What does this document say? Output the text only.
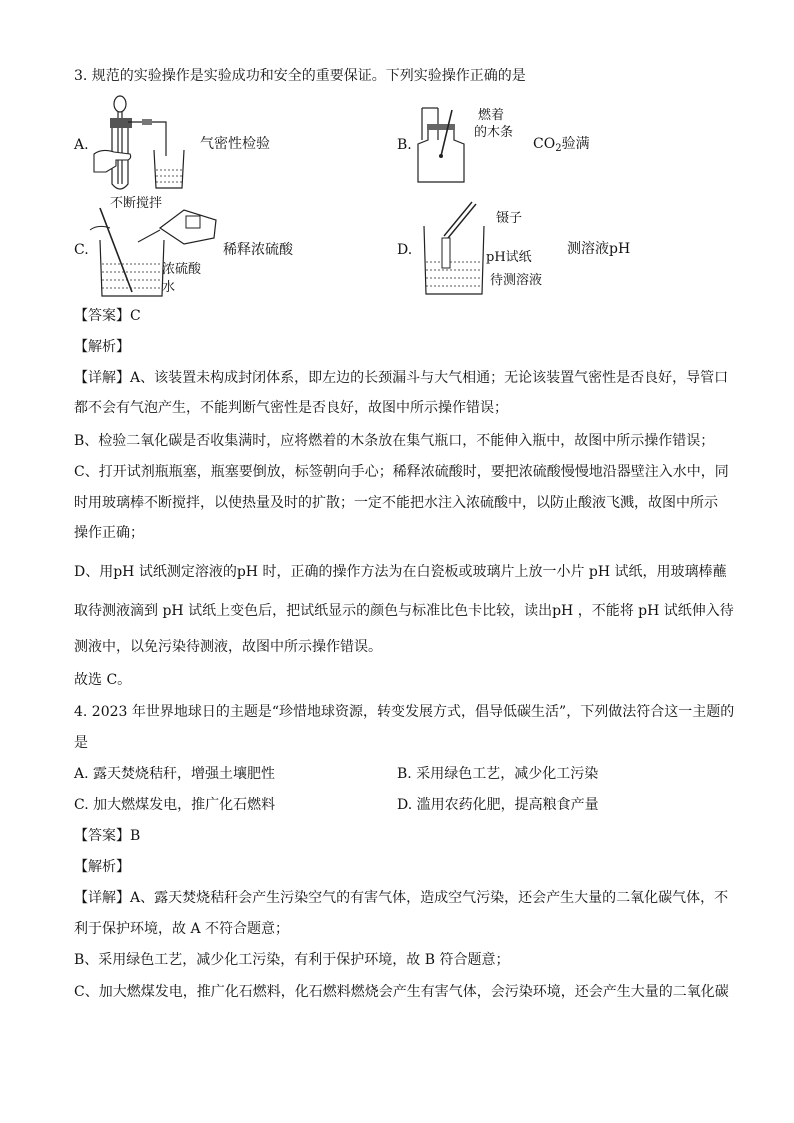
3. 规范的实验操作是实验成功和安全的重要保证。下列实验操作正确的是
A.	气密性检验	B.
燃着
的木条
$CO_2$验满
C.
不断搅拌
浓硫酸
水
稀释浓硫酸	D.
镊子
pH试纸
待测溶液
测溶液pH
【答案】C
【解析】
【详解】A、该装置未构成封闭体系，即左边的长颈漏斗与大气相通；无论该装置气密性是否良好，导管口
都不会有气泡产生，不能判断气密性是否良好，故图中所示操作错误；
B、检验二氧化碳是否收集满时，应将燃着的木条放在集气瓶口，不能伸入瓶中，故图中所示操作错误；
C、打开试剂瓶瓶塞，瓶塞要倒放，标签朝向手心；稀释浓硫酸时，要把浓硫酸慢慢地沿器壁注入水中，同
时用玻璃棒不断搅拌，以使热量及时的扩散；一定不能把水注入浓硫酸中，以防止酸液飞溅，故图中所示
操作正确；
D、用pH 试纸测定溶液的pH 时，正确的操作方法为在白瓷板或玻璃片上放一小片 pH 试纸，用玻璃棒蘸
取待测液滴到 pH 试纸上变色后，把试纸显示的颜色与标准比色卡比较，读出pH ，不能将 pH 试纸伸入待
测液中，以免污染待测液，故图中所示操作错误。
故选 C。
4. 2023 年世界地球日的主题是“珍惜地球资源，转变发展方式，倡导低碳生活”，下列做法符合这一主题的
是
A. 露天焚烧秸秆，增强土壤肥性	B. 采用绿色工艺，减少化工污染
C. 加大燃煤发电，推广化石燃料	D. 滥用农药化肥，提高粮食产量
【答案】B
【解析】
【详解】A、露天焚烧秸秆会产生污染空气的有害气体，造成空气污染，还会产生大量的二氧化碳气体，不
利于保护环境，故 A 不符合题意；
B、采用绿色工艺，减少化工污染，有利于保护环境，故 B 符合题意；
C、加大燃煤发电，推广化石燃料，化石燃料燃烧会产生有害气体，会污染环境，还会产生大量的二氧化碳
